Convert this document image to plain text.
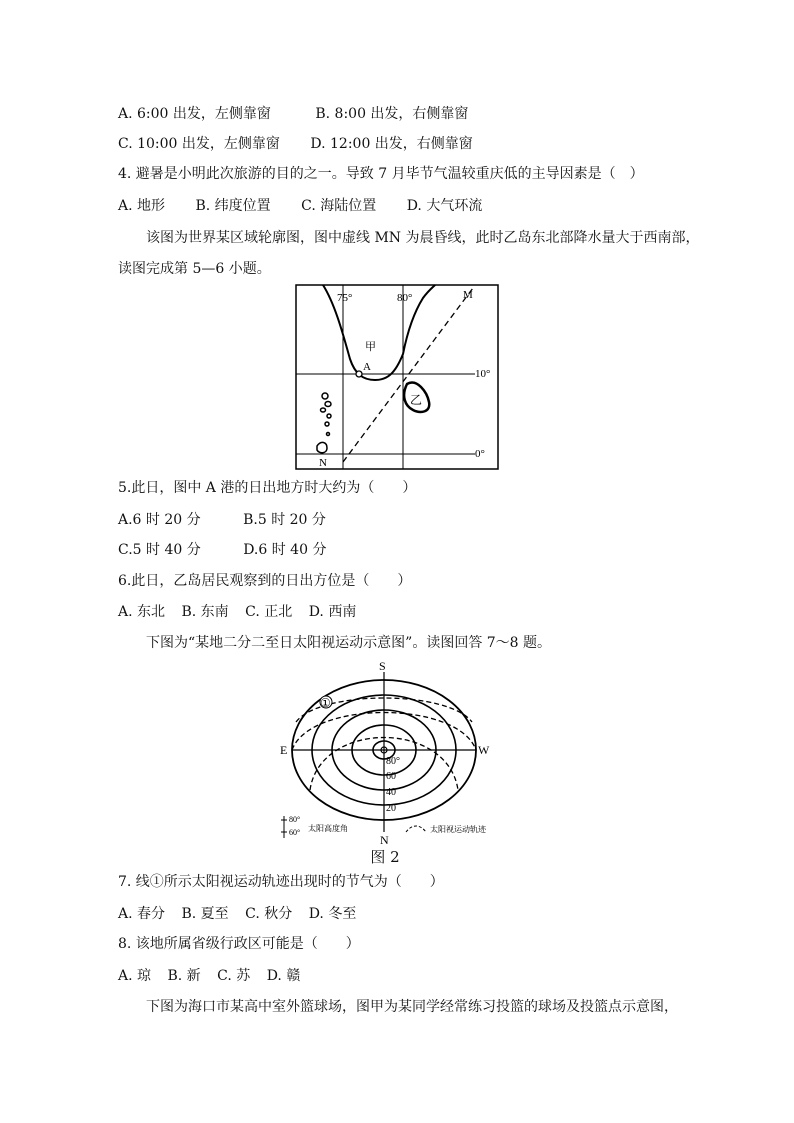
A. 6:00 出发，左侧靠窗	B. 8:00 出发，右侧靠窗
C. 10:00 出发，左侧靠窗 D. 12:00 出发，右侧靠窗
4. 避暑是小明此次旅游的目的之一。导致 7 月毕节气温较重庆低的主导因素是（　）
A. 地形 B. 纬度位置 C. 海陆位置 D. 大气环流
该图为世界某区域轮廓图，图中虚线 MN 为晨昏线，此时乙岛东北部降水量大于西南部，
读图完成第 5—6 小题。
75°	80°
10°
0°
M
N
A
甲
乙
5.此日，图中 A 港的日出地方时大约为（　　）
A.6 时 20 分	B.5 时 20 分
C.5 时 40 分	D.6 时 40 分
6.此日，乙岛居民观察到的日出方位是（　　）
A. 东北 B. 东南 C. 正北 D. 西南
下图为“某地二分二至日太阳视运动示意图”。读图回答 7～8 题。
①
S
E	W
N
80°
60
40
20
80°
60° 太阳高度角	太阳视运动轨迹
图 2
7. 线①所示太阳视运动轨迹出现时的节气为（　　）
A. 春分 B. 夏至 C. 秋分 D. 冬至
8. 该地所属省级行政区可能是（　　）
A. 琼 B. 新 C. 苏 D. 赣
下图为海口市某高中室外篮球场，图甲为某同学经常练习投篮的球场及投篮点示意图，
